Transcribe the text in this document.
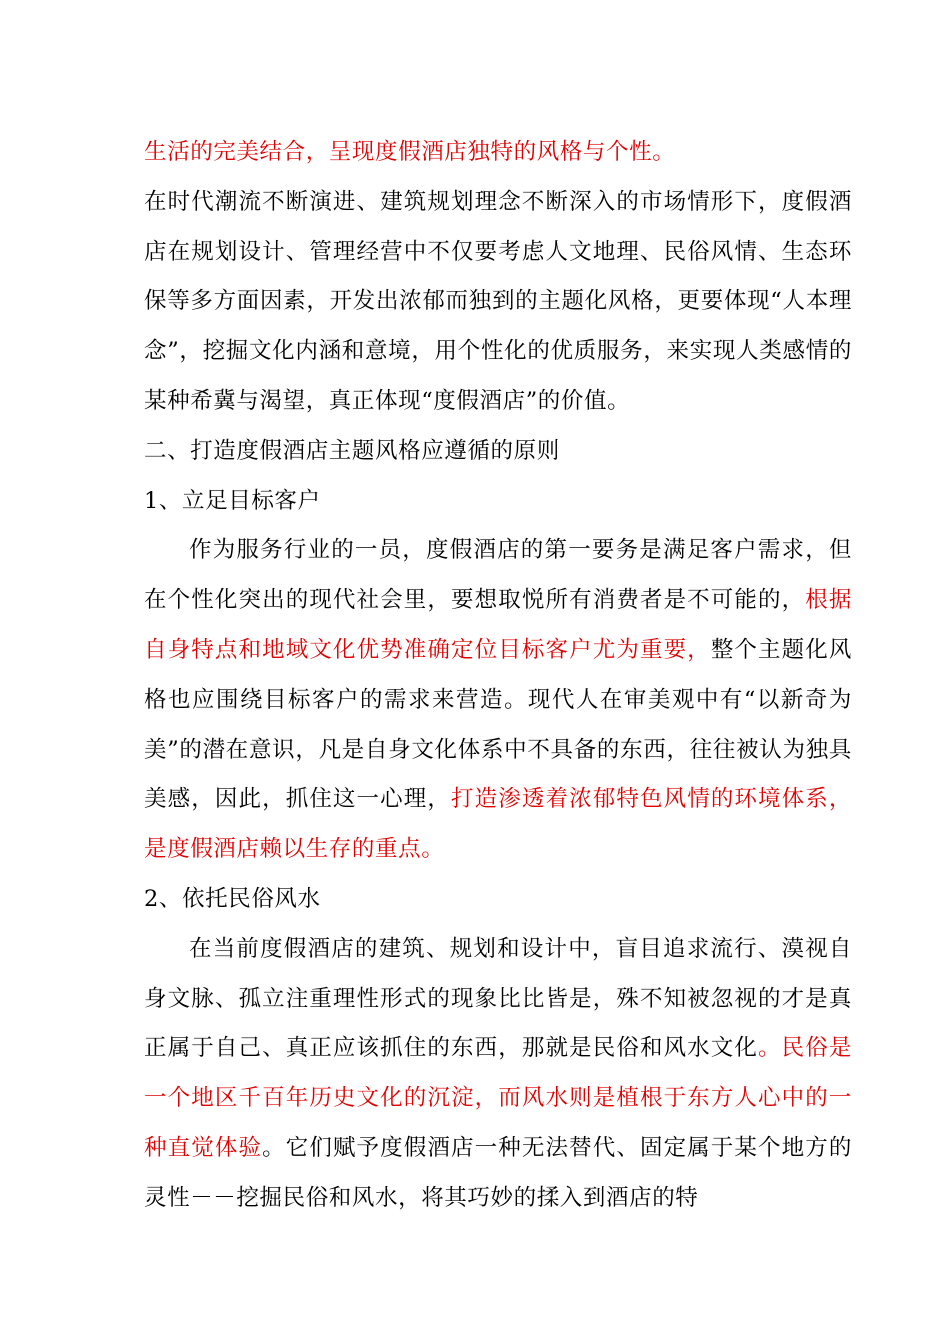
生活的完美结合，呈现度假酒店独特的风格与个性。

在时代潮流不断演进、建筑规划理念不断深入的市场情形下，度假酒店在规划设计、管理经营中不仅要考虑人文地理、民俗风情、生态环保等多方面因素，开发出浓郁而独到的主题化风格，更要体现“人本理念”，挖掘文化内涵和意境，用个性化的优质服务，来实现人类感情的某种希冀与渴望，真正体现“度假酒店”的价值。

二、打造度假酒店主题风格应遵循的原则

1、立足目标客户

作为服务行业的一员，度假酒店的第一要务是满足客户需求，但在个性化突出的现代社会里，要想取悦所有消费者是不可能的，根据自身特点和地域文化优势准确定位目标客户尤为重要，整个主题化风格也应围绕目标客户的需求来营造。现代人在审美观中有“以新奇为美”的潜在意识，凡是自身文化体系中不具备的东西，往往被认为独具美感，因此，抓住这一心理，打造渗透着浓郁特色风情的环境体系，是度假酒店赖以生存的重点。

2、依托民俗风水

在当前度假酒店的建筑、规划和设计中，盲目追求流行、漠视自身文脉、孤立注重理性形式的现象比比皆是，殊不知被忽视的才是真正属于自己、真正应该抓住的东西，那就是民俗和风水文化。民俗是一个地区千百年历史文化的沉淀，而风水则是植根于东方人心中的一种直觉体验。它们赋予度假酒店一种无法替代、固定属于某个地方的灵性－－挖掘民俗和风水，将其巧妙的揉入到酒店的特
